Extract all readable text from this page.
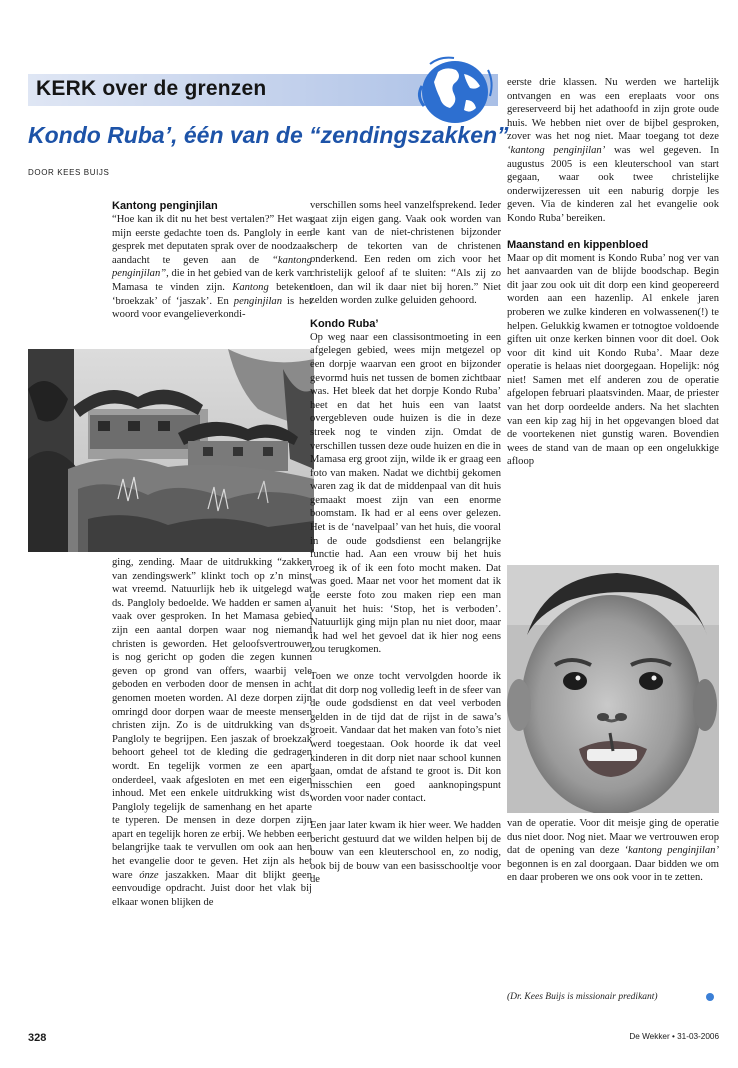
KERK over de grenzen
Kondo Ruba’, één van de “zendingszakken”
DOOR KEES BUIJS

Kantong penginjilan

“Hoe kan ik dit nu het best vertalen?” Het was mijn eerste gedachte toen ds. Pangloly in een gesprek met deputaten sprak over de noodzaak aandacht te geven aan de “kantong penginjilan”, die in het gebied van de kerk van Mamasa te vinden zijn. Kantong betekent ‘broekzak’ of ‘jaszak’. En penginjilan is het woord voor evangelieverkondi-

ging, zending. Maar de uitdrukking “zakken van zendingswerk” klinkt toch op z’n minst wat vreemd. Natuurlijk heb ik uitgelegd wat ds. Pangloly bedoelde. We hadden er samen al vaak over gesproken. In het Mamasa gebied zijn een aantal dorpen waar nog niemand christen is geworden. Het geloofsvertrouwen is nog gericht op goden die zegen kunnen geven op grond van offers, waarbij vele geboden en verboden door de mensen in acht genomen moeten worden. Al deze dorpen zijn omringd door dorpen waar de meeste mensen christen zijn. Zo is de uitdrukking van ds. Pangloly te begrijpen. Een jaszak of broekzak behoort geheel tot de kleding die gedragen wordt. En tegelijk vormen ze een apart onderdeel, vaak afgesloten en met een eigen inhoud. Met een enkele uitdrukking wist ds. Pangloly tegelijk de samenhang en het aparte te typeren. De mensen in deze dorpen zijn apart en tegelijk horen ze erbij. We hebben een belangrijke taak te vervullen om ook aan hen het evangelie door te geven. Het zijn als het ware ónze jaszakken. Maar dit blijkt geen eenvoudige opdracht. Juist door het vlak bij elkaar wonen blijken de

verschillen soms heel vanzelfsprekend. Ieder gaat zijn eigen gang. Vaak ook worden van de kant van de niet-christenen bijzonder scherp de tekorten van de christenen onderkend. Een reden om zich voor het christelijk geloof af te sluiten: “Als zij zo doen, dan wil ik daar niet bij horen.” Niet zelden worden zulke geluiden gehoord.

Kondo Ruba’

Op weg naar een classisontmoeting in een afgelegen gebied, wees mijn metgezel op een dorpje waarvan een groot en bijzonder gevormd huis net tussen de bomen zichtbaar was. Het bleek dat het dorpje Kondo Ruba’ heet en dat het huis een van laatst overgebleven oude huizen is die in deze streek nog te vinden zijn. Omdat de verschillen tussen deze oude huizen en die in Mamasa erg groot zijn, wilde ik er graag een foto van maken. Nadat we dichtbij gekomen waren zag ik dat de middenpaal van dit huis gemaakt moest zijn van een enorme boomstam. Ik had er al eens over gelezen. Het is de ‘navelpaal’ van het huis, die vooral in de oude godsdienst een belangrijke functie had. Aan een vrouw bij het huis vroeg ik of ik een foto mocht maken. Dat was goed. Maar net voor het moment dat ik de eerste foto zou maken riep een man vanuit het huis: ‘Stop, het is verboden’. Natuurlijk ging mijn plan nu niet door, maar ik had wel het gevoel dat ik hier nog eens zou terugkomen.

Toen we onze tocht vervolgden hoorde ik dat dit dorp nog volledig leeft in de sfeer van de oude godsdienst en dat veel verboden gelden in de tijd dat de rijst in de sawa’s groeit. Vandaar dat het maken van foto’s niet werd toegestaan. Ook hoorde ik dat veel kinderen in dit dorp niet naar school kunnen gaan, omdat de afstand te groot is. Dit kon misschien een goed aanknopingspunt worden voor nader contact.

Een jaar later kwam ik hier weer. We hadden bericht gestuurd dat we wilden helpen bij de bouw van een kleuterschool en, zo nodig, ook bij de bouw van een basisschooltje voor de

eerste drie klassen. Nu werden we hartelijk ontvangen en was een ereplaats voor ons gereserveerd bij het adathoofd in zijn grote oude huis. We hebben niet over de bijbel gesproken, zover was het nog niet. Maar toegang tot deze ‘kantong penginjilan’ was wel gegeven. In augustus 2005 is een kleuterschool van start gegaan, waar ook twee christelijke onderwijzeressen uit een naburig dorpje les geven. Via de kinderen zal het evangelie ook Kondo Ruba’ bereiken.

Maanstand en kippenbloed

Maar op dit moment is Kondo Ruba’ nog ver van het aanvaarden van de blijde boodschap. Begin dit jaar zou ook uit dit dorp een kind geopereerd worden aan een hazenlip. Al enkele jaren proberen we zulke kinderen en volwassenen(!) te helpen. Gelukkig kwamen er totnogtoe voldoende giften uit onze kerken binnen voor dit doel. Ook voor dit kind uit Kondo Ruba’. Maar deze operatie is helaas niet doorgegaan. Hopelijk: nóg niet! Samen met elf anderen zou de operatie afgelopen februari plaatsvinden. Maar, de priester van het dorp oordeelde anders. Na het slachten van een kip zag hij in het opgevangen bloed dat de voortekenen niet gunstig waren. Bovendien wees de stand van de maan op een ongelukkige afloop

van de operatie. Voor dit meisje ging de operatie dus niet door. Nog niet. Maar we vertrouwen erop dat de opening van deze ‘kantong penginjilan’ begonnen is en zal doorgaan. Daar bidden we om en daar proberen we ons ook voor in te zetten.

(Dr. Kees Buijs is missionair predikant)
328	De Wekker • 31-03-2006
